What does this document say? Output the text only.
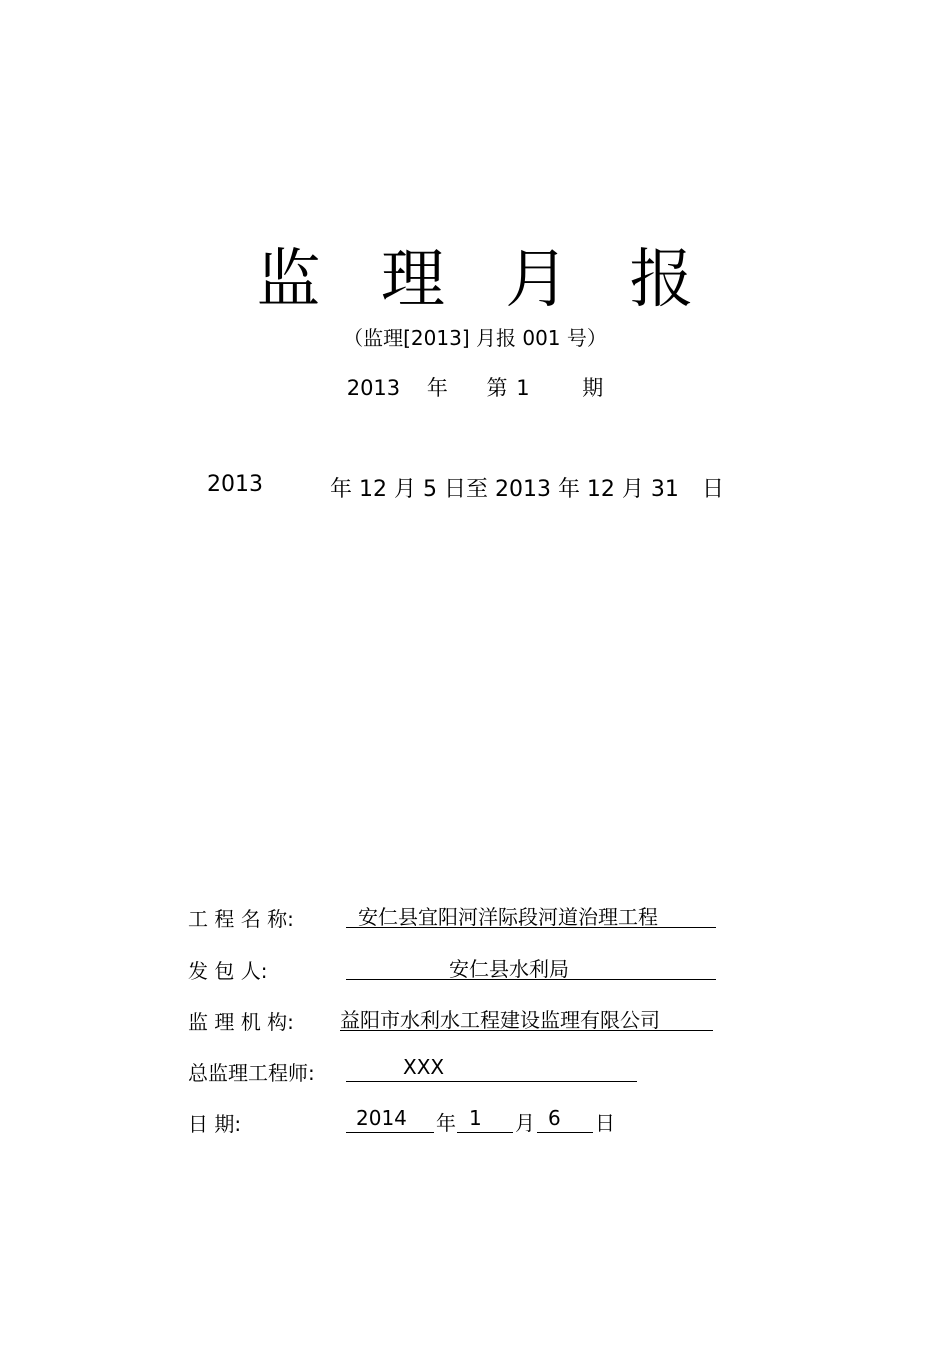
监 理 月 报
（监理[2013] 月报 001 号）
2013 年 第 1	期
2013	年 12 月 5 日至 2013 年 12 月 31 日
工 程 名 称:	安仁县宜阳河洋际段河道治理工程
发 包 人:	安仁县水利局
监 理 机 构: 益阳市水利水工程建设监理有限公司
总监理工程师:	XXX
日 期:	2014 年 1 月 6 日
